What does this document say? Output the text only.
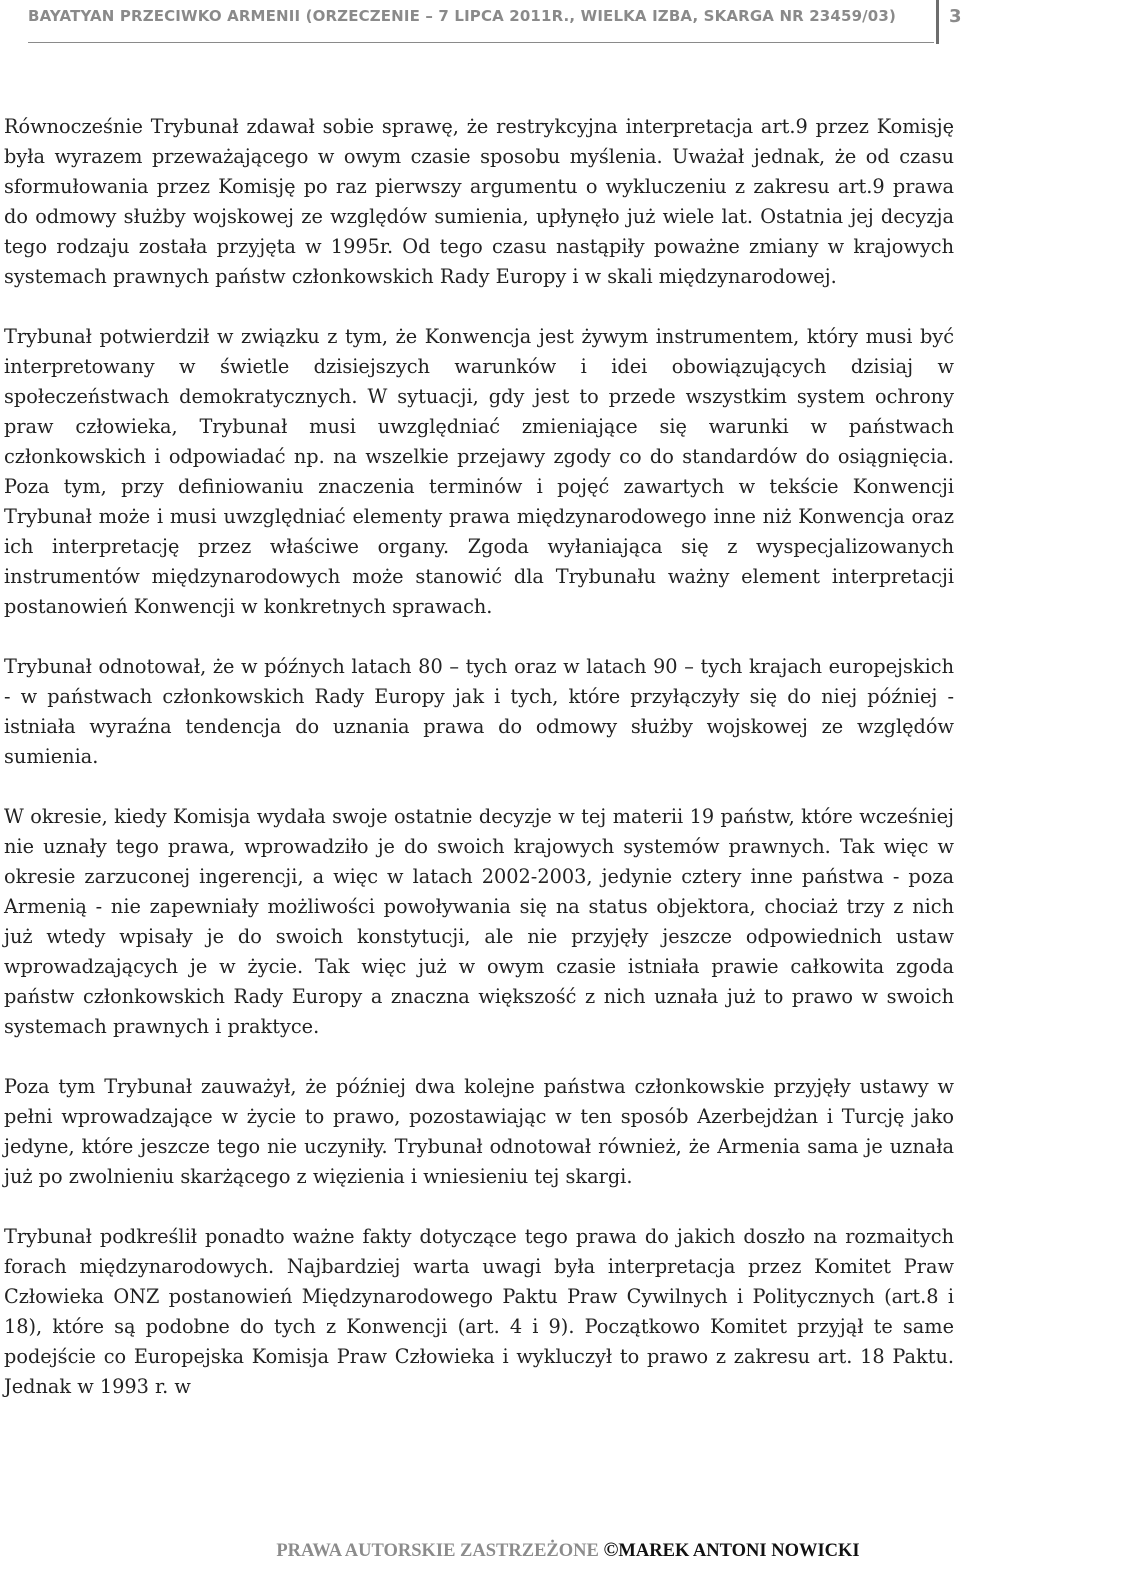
BAYATYAN PRZECIWKO ARMENII (ORZECZENIE – 7 LIPCA 2011R., WIELKA IZBA, SKARGA NR 23459/03)	3

Równocześnie Trybunał zdawał sobie sprawę, że restrykcyjna interpretacja art.9 przez Komisję była wyrazem przeważającego w owym czasie sposobu myślenia. Uważał jednak, że od czasu sformułowania przez Komisję po raz pierwszy argumentu o wykluczeniu z zakresu art.9 prawa do odmowy służby wojskowej ze względów sumienia, upłynęło już wiele lat. Ostatnia jej decyzja tego rodzaju została przyjęta w 1995r. Od tego czasu nastąpiły poważne zmiany w krajowych systemach prawnych państw członkowskich Rady Europy i w skali międzynarodowej.

Trybunał potwierdził w związku z tym, że Konwencja jest żywym instrumentem, który musi być interpretowany w świetle dzisiejszych warunków i idei obowiązujących dzisiaj w społeczeństwach demokratycznych. W sytuacji, gdy jest to przede wszystkim system ochrony praw człowieka, Trybunał musi uwzględniać zmieniające się warunki w państwach członkowskich i odpowiadać np. na wszelkie przejawy zgody co do standardów do osiągnięcia. Poza tym, przy definiowaniu znaczenia terminów i pojęć zawartych w tekście Konwencji Trybunał może i musi uwzględniać elementy prawa międzynarodowego inne niż Konwencja oraz ich interpretację przez właściwe organy. Zgoda wyłaniająca się z wyspecjalizowanych instrumentów międzynarodowych może stanowić dla Trybunału ważny element interpretacji postanowień Konwencji w konkretnych sprawach.

Trybunał odnotował, że w późnych latach 80 – tych oraz w latach 90 – tych krajach europejskich - w państwach członkowskich Rady Europy jak i tych, które przyłączyły się do niej później - istniała wyraźna tendencja do uznania prawa do odmowy służby wojskowej ze względów sumienia.

W okresie, kiedy Komisja wydała swoje ostatnie decyzje w tej materii 19 państw, które wcześniej nie uznały tego prawa, wprowadziło je do swoich krajowych systemów prawnych. Tak więc w okresie zarzuconej ingerencji, a więc w latach 2002-2003, jedynie cztery inne państwa - poza Armenią - nie zapewniały możliwości powoływania się na status objektora, chociaż trzy z nich już wtedy wpisały je do swoich konstytucji, ale nie przyjęły jeszcze odpowiednich ustaw wprowadzających je w życie. Tak więc już w owym czasie istniała prawie całkowita zgoda państw członkowskich Rady Europy a znaczna większość z nich uznała już to prawo w swoich systemach prawnych i praktyce.

Poza tym Trybunał zauważył, że później dwa kolejne państwa członkowskie przyjęły ustawy w pełni wprowadzające w życie to prawo, pozostawiając w ten sposób Azerbejdżan i Turcję jako jedyne, które jeszcze tego nie uczyniły. Trybunał odnotował również, że Armenia sama je uznała już po zwolnieniu skarżącego z więzienia i wniesieniu tej skargi.

Trybunał podkreślił ponadto ważne fakty dotyczące tego prawa do jakich doszło na rozmaitych forach międzynarodowych. Najbardziej warta uwagi była interpretacja przez Komitet Praw Człowieka ONZ postanowień Międzynarodowego Paktu Praw Cywilnych i Politycznych (art.8 i 18), które są podobne do tych z Konwencji (art. 4 i 9). Początkowo Komitet przyjął te same podejście co Europejska Komisja Praw Człowieka i wykluczył to prawo z zakresu art. 18 Paktu. Jednak w 1993 r. w

PRAWA AUTORSKIE ZASTRZEŻONE ©MAREK ANTONI NOWICKI
